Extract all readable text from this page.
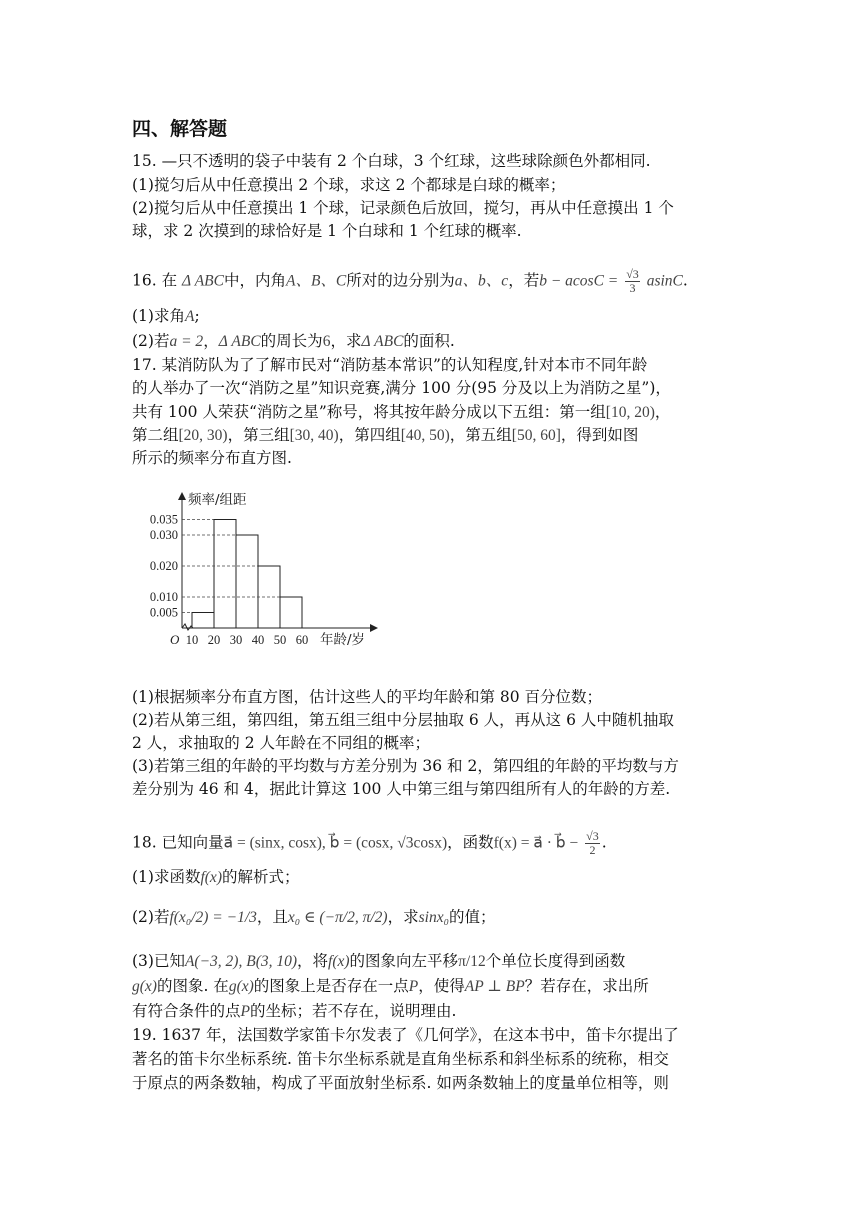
四、解答题
15. —只不透明的袋子中装有 2 个白球，3 个红球，这些球除颜色外都相同.
(1)搅匀后从中任意摸出 2 个球，求这 2 个都球是白球的概率；
(2)搅匀后从中任意摸出 1 个球，记录颜色后放回，搅匀，再从中任意摸出 1 个
球，求 2 次摸到的球恰好是 1 个白球和 1 个红球的概率.
16. 在 Δ ABC中，内角A、B、C所对的边分别为a、b、c，若$b - acosC = \frac{√3}{3} asinC$.
(1)求角A;
(2)若a = 2，Δ ABC的周长为6，求Δ ABC的面积.
17. 某消防队为了了解市民对“消防基本常识”的认知程度,针对本市不同年龄
的人举办了一次“消防之星”知识竞赛,满分 100 分(95 分及以上为消防之星”)，
共有 100 人荣获“消防之星”称号，将其按年龄分成以下五组：第一组[10, 20)，
第二组[20, 30)，第三组[30, 40)，第四组[40, 50)，第五组[50, 60]，得到如图
所示的频率分布直方图.
0.005
0.010
0.020
0.030
0.035
10 20 30 40 50 60
O
频率/组距
年龄/岁
(1)根据频率分布直方图，估计这些人的平均年龄和第 80 百分位数；
(2)若从第三组，第四组，第五组三组中分层抽取 6 人，再从这 6 人中随机抽取
2 人，求抽取的 2 人年龄在不同组的概率；
(3)若第三组的年龄的平均数与方差分别为 36 和 2，第四组的年龄的平均数与方
差分别为 46 和 4，据此计算这 100 人中第三组与第四组所有人的年龄的方差.
18. 已知向量a⃗ = (sinx, cosx), b⃗ = (cosx, √3cosx)，函数f(x) = a⃗ · b⃗ − $\frac{√3}{2}$ .
(1)求函数f(x)的解析式；
(2)若f(x₀/2) = −1/3，且x₀ ∈ (−π/2, π/2)，求sinx₀的值；
(3)已知A(−3, 2), B(3, 10)，将f(x)的图象向左平移π/12个单位长度得到函数
g(x)的图象. 在g(x)的图象上是否存在一点P，使得AP ⊥ BP？若存在，求出所
有符合条件的点P的坐标；若不存在，说明理由.
19. 1637 年，法国数学家笛卡尔发表了《几何学》，在这本书中，笛卡尔提出了
著名的笛卡尔坐标系统. 笛卡尔坐标系就是直角坐标系和斜坐标系的统称，相交
于原点的两条数轴，构成了平面放射坐标系. 如两条数轴上的度量单位相等，则
